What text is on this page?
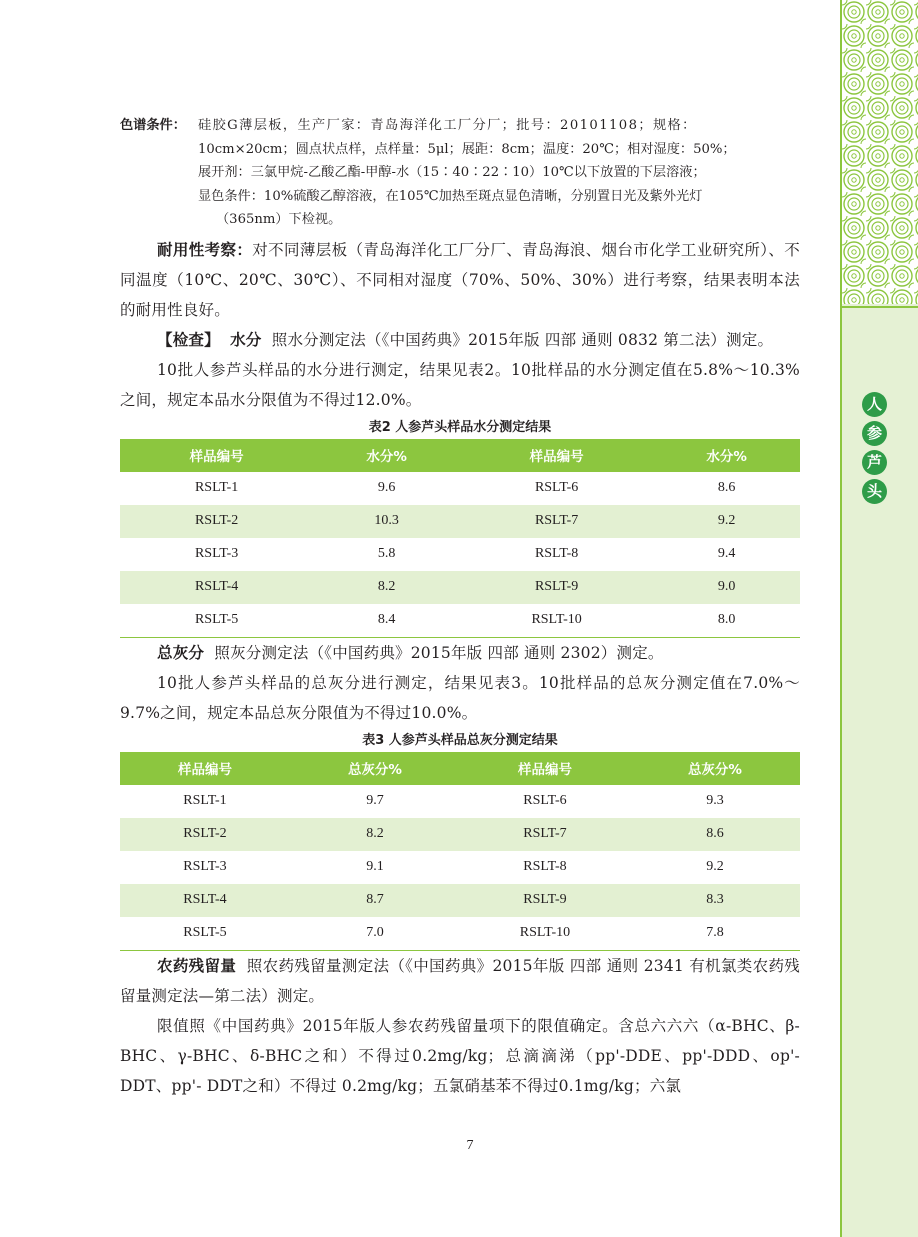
色谱条件： 硅胶G薄层板，生产厂家：青岛海洋化工厂分厂；批号：20101108；规格：
10cm×20cm；圆点状点样，点样量：5μl；展距：8cm；温度：20℃；相对湿度：50%；
展开剂：三氯甲烷-乙酸乙酯-甲醇-水（15∶40∶22∶10）10℃以下放置的下层溶液；
显色条件：10%硫酸乙醇溶液，在105℃加热至斑点显色清晰，分别置日光及紫外光灯
（365nm）下检视。

耐用性考察：对不同薄层板（青岛海洋化工厂分厂、青岛海浪、烟台市化学工业研究所）、不同温度（10℃、20℃、30℃）、不同相对湿度（70%、50%、30%）进行考察，结果表明本法的耐用性良好。

【检查】 水分 照水分测定法（《中国药典》2015年版 四部 通则 0832 第二法）测定。

10批人参芦头样品的水分进行测定，结果见表2。10批样品的水分测定值在5.8%～10.3%之间，规定本品水分限值为不得过12.0%。

表2 人参芦头样品水分测定结果
样品编号	水分%	样品编号	水分%
RSLT-1	9.6	RSLT-6	8.6
RSLT-2	10.3	RSLT-7	9.2
RSLT-3	5.8	RSLT-8	9.4
RSLT-4	8.2	RSLT-9	9.0
RSLT-5	8.4	RSLT-10	8.0

总灰分 照灰分测定法（《中国药典》2015年版 四部 通则 2302）测定。

10批人参芦头样品的总灰分进行测定，结果见表3。10批样品的总灰分测定值在7.0%～9.7%之间，规定本品总灰分限值为不得过10.0%。

表3 人参芦头样品总灰分测定结果
样品编号	总灰分%	样品编号	总灰分%
RSLT-1	9.7	RSLT-6	9.3
RSLT-2	8.2	RSLT-7	8.6
RSLT-3	9.1	RSLT-8	9.2
RSLT-4	8.7	RSLT-9	8.3
RSLT-5	7.0	RSLT-10	7.8

农药残留量 照农药残留量测定法（《中国药典》2015年版 四部 通则 2341 有机氯类农药残留量测定法—第二法）测定。

限值照《中国药典》2015年版人参农药残留量项下的限值确定。含总六六六（α-BHC、β-BHC、γ-BHC、δ-BHC之和）不得过0.2mg/kg；总滴滴涕（pp'-DDE、pp'-DDD、op'- DDT、pp'- DDT之和）不得过 0.2mg/kg；五氯硝基苯不得过0.1mg/kg；六氯

7
人
参
芦
头
